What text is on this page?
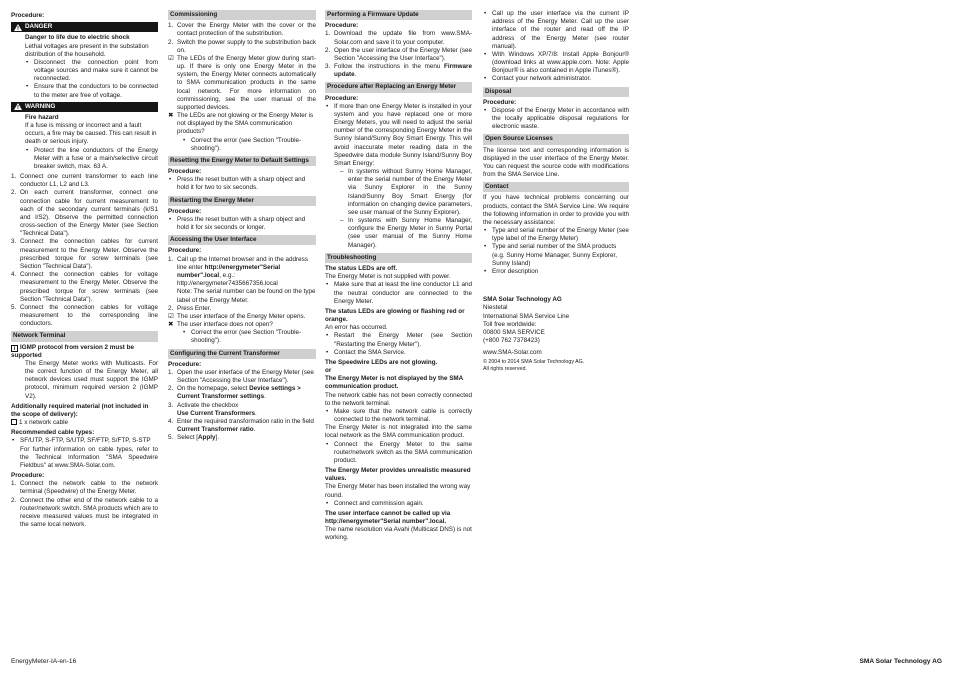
Procedure:

DANGER

Danger to life due to electric shock

Lethal voltages are present in the substation distribution of the household.

• Disconnect the connection point from voltage sources and make sure it cannot be reconnected.
• Ensure that the conductors to be connected to the meter are free of voltage.
WARNING

Fire hazard

If a fuse is missing or incorrect and a fault occurs, a fire may be caused. This can result in death or serious injury.

• Protect the line conductors of the Energy Meter with a fuse or a main/selective circuit breaker switch, max. 63 A.
1. Connect one current transformer to each line conductor L1, L2 and L3.
2. On each current transformer, connect one connection cable for current measurement to each of the secondary current terminals (k/S1 and l/S2). Observe the permitted connection cross-section of the Energy Meter (see Section "Technical Data").
3. Connect the connection cables for current measurement to the Energy Meter. Observe the prescribed torque for screw terminals (see Section "Technical Data").
4. Connect the connection cables for voltage measurement to the Energy Meter. Observe the prescribed torque for screw terminals (see Section "Technical Data").
5. Connect the connection cables for voltage measurement to the corresponding line conductors.

Network Terminal

i IGMP protocol from version 2 must be supported

The Energy Meter works with Multicasts. For the correct function of the Energy Meter, all network devices used must support the IGMP protocol, minimum required version 2 (IGMP V2).

Additionally required material (not included in the scope of delivery):

1 x network cable

Recommended cable types:

• SF/UTP, S-FTP, S/UTP, SF/FTP, S/FTP, S-STP

For further information on cable types, refer to the Technical Information "SMA Speedwire Fieldbus" at www.SMA-Solar.com.

Procedure:

1. Connect the network cable to the network terminal (Speedwire) of the Energy Meter.
2. Connect the other end of the network cable to a router/network switch. SMA products which are to receive measured values must be integrated in the same local network.

Commissioning

1. Cover the Energy Meter with the cover or the contact protection of the substribution.
2. Switch the power supply to the substribution back on.

☑ The LEDs of the Energy Meter glow during start-up. If there is only one Energy Meter in the system, the Energy Meter connects automatically to SMA communication products in the same local network. For more information on commissioning, see the user manual of the supported devices.

✖ The LEDs are not glowing or the Energy Meter is not displayed by the SMA communication products?

• Correct the error (see Section "Trouble-shooting").

Resetting the Energy Meter to Default Settings

Procedure:

• Press the reset button with a sharp object and hold it for two to six seconds.

Restarting the Energy Meter

Procedure:

• Press the reset button with a sharp object and hold it for six seconds or longer.

Accessing the User Interface

Procedure:

1. Call up the Internet browser and in the address line enter http://energymeter"Serial number".local, e.g.:
http://energymeter7435667356.local
Note: The serial number can be found on the type label of the Energy Meter.
2. Press Enter.

☑ The user interface of the Energy Meter opens.

✖ The user interface does not open?

• Correct the error (see Section "Trouble-shooting").

Configuring the Current Transformer

Procedure:

1. Open the user interface of the Energy Meter (see Section "Accessing the User Interface").
2. On the homepage, select Device settings > Current Transformer settings.
3. Activate the checkbox
Use Current Transformers.
4. Enter the required transformation ratio in the field Current Transformer ratio.
5. Select [Apply].

Performing a Firmware Update

Procedure:

1. Download the update file from www.SMA-Solar.com and save it to your computer.
2. Open the user interface of the Energy Meter (see Section "Accessing the User Interface").
3. Follow the instructions in the menu Firmware update.

Procedure after Replacing an Energy Meter

Procedure:

• If more than one Energy Meter is installed in your system and you have replaced one or more Energy Meters, you will need to adjust the serial number of the corresponding Energy Meter in the Sunny Island/Sunny Boy Smart Energy. This will avoid inaccurate meter reading data in the Speedwire data module Sunny Island/Sunny Boy Smart Energy:
– In systems without Sunny Home Manager, enter the serial number of the Energy Meter via Sunny Explorer in the Sunny Island/Sunny Boy Smart Energy (for information on changing device parameters, see user manual of the Sunny Explorer).
– In systems with Sunny Home Manager, configure the Energy Meter in Sunny Portal (see user manual of the Sunny Home Manager).

Troubleshooting

The status LEDs are off.

The Energy Meter is not supplied with power.

• Make sure that at least the line conductor L1 and the neutral conductor are connected to the Energy Meter.

The status LEDs are glowing or flashing red or orange.

An error has occurred.

• Restart the Energy Meter (see Section "Restarting the Energy Meter").
• Contact the SMA Service.

The Speedwire LEDs are not glowing.

or

The Energy Meter is not displayed by the SMA communication product.

The network cable has not been correctly connected to the network terminal.

• Make sure that the network cable is correctly connected to the network terminal.

The Energy Meter is not integrated into the same local network as the SMA communication product.

• Connect the Energy Meter to the same router/network switch as the SMA communication product.

The Energy Meter provides unrealistic measured values.

The Energy Meter has been installed the wrong way round.

• Connect and commission again.

The user interface cannot be called up via http://energymeter"Serial number".local.

The name resolution via Avahi (Multicast DNS) is not working.

• Call up the user interface via the current IP address of the Energy Meter. Call up the user interface of the router and read off the IP address of the Energy Meter (see router manual).
• With Windows XP/7/8: Install Apple Bonjour® (download links at www.apple.com. Note: Apple Bonjour® is also contained in Apple iTunes®).
• Contact your network administrator.

Disposal

Procedure:

• Dispose of the Energy Meter in accordance with the locally applicable disposal regulations for electronic waste.

Open Source Licenses

The license text and corresponding information is displayed in the user interface of the Energy Meter. You can request the source code with modifications from the SMA Service Line.

Contact

If you have technical problems concerning our products, contact the SMA Service Line. We require the following information in order to provide you with the necessary assistance:

• Type and serial number of the Energy Meter (see type label of the Energy Meter)
• Type and serial number of the SMA products (e.g. Sunny Home Manager, Sunny Explorer, Sunny Island)
• Error description

SMA Solar Technology AG

Niestetal

International SMA Service Line

Toll free worldwide:

00800 SMA SERVICE

(+800 762 7378423)

www.SMA-Solar.com

© 2004 to 2014 SMA Solar Technology AG.

All rights reserved.

EnergyMeter-IA-en-16	SMA Solar Technology AG
